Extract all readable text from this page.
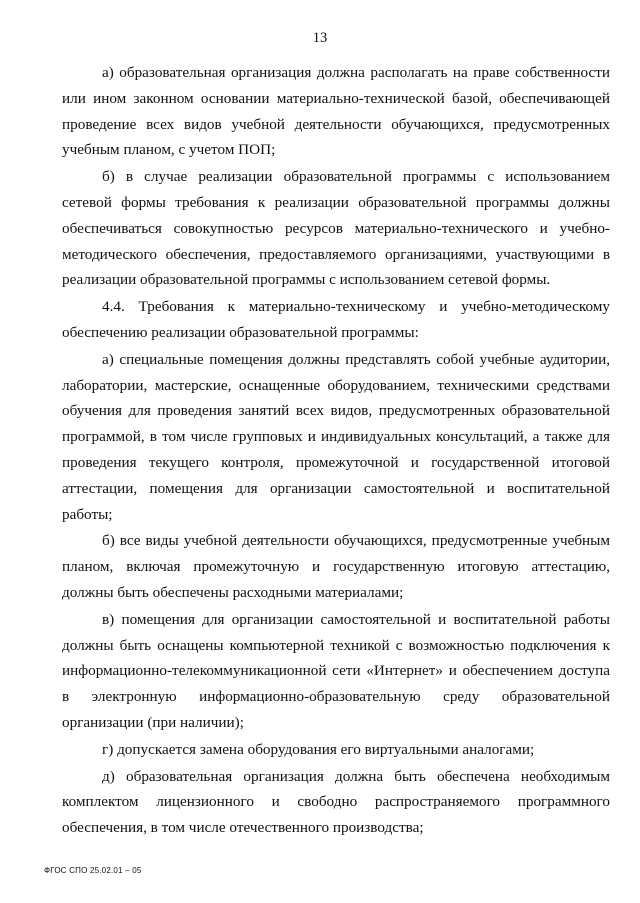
13

а) образовательная организация должна располагать на праве собственности или ином законном основании материально-технической базой, обеспечивающей проведение всех видов учебной деятельности обучающихся, предусмотренных учебным планом, с учетом ПОП;

б) в случае реализации образовательной программы с использованием сетевой формы требования к реализации образовательной программы должны обеспечиваться совокупностью ресурсов материально-технического и учебно-методического обеспечения, предоставляемого организациями, участвующими в реализации образовательной программы с использованием сетевой формы.

4.4. Требования к материально-техническому и учебно-методическому обеспечению реализации образовательной программы:

а) специальные помещения должны представлять собой учебные аудитории, лаборатории, мастерские, оснащенные оборудованием, техническими средствами обучения для проведения занятий всех видов, предусмотренных образовательной программой, в том числе групповых и индивидуальных консультаций, а также для проведения текущего контроля, промежуточной и государственной итоговой аттестации, помещения для организации самостоятельной и воспитательной работы;

б) все виды учебной деятельности обучающихся, предусмотренные учебным планом, включая промежуточную и государственную итоговую аттестацию, должны быть обеспечены расходными материалами;

в) помещения для организации самостоятельной и воспитательной работы должны быть оснащены компьютерной техникой с возможностью подключения к информационно-телекоммуникационной сети «Интернет» и обеспечением доступа в электронную информационно-образовательную среду образовательной организации (при наличии);

г) допускается замена оборудования его виртуальными аналогами;

д) образовательная организация должна быть обеспечена необходимым комплектом лицензионного и свободно распространяемого программного обеспечения, в том числе отечественного производства;

ФГОС СПО 25.02.01 – 05
